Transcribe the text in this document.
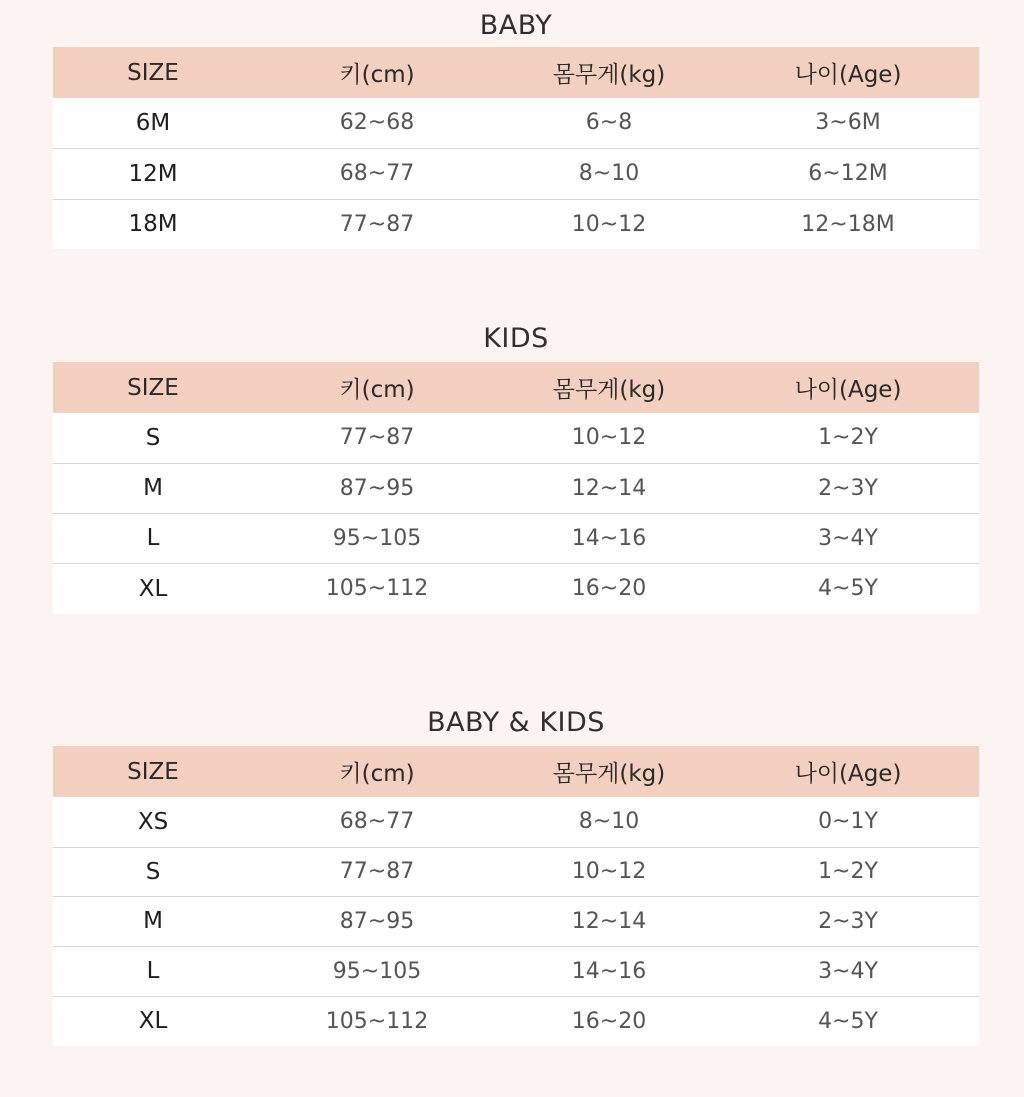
BABY
SIZE	키(cm)	몸무게(kg)	나이(Age)
6M	62~68	6~8	3~6M
12M	68~77	8~10	6~12M
18M	77~87	10~12	12~18M
KIDS
SIZE	키(cm)	몸무게(kg)	나이(Age)
S	77~87	10~12	1~2Y
M	87~95	12~14	2~3Y
L	95~105	14~16	3~4Y
XL	105~112	16~20	4~5Y
BABY & KIDS
SIZE	키(cm)	몸무게(kg)	나이(Age)
XS	68~77	8~10	0~1Y
S	77~87	10~12	1~2Y
M	87~95	12~14	2~3Y
L	95~105	14~16	3~4Y
XL	105~112	16~20	4~5Y
